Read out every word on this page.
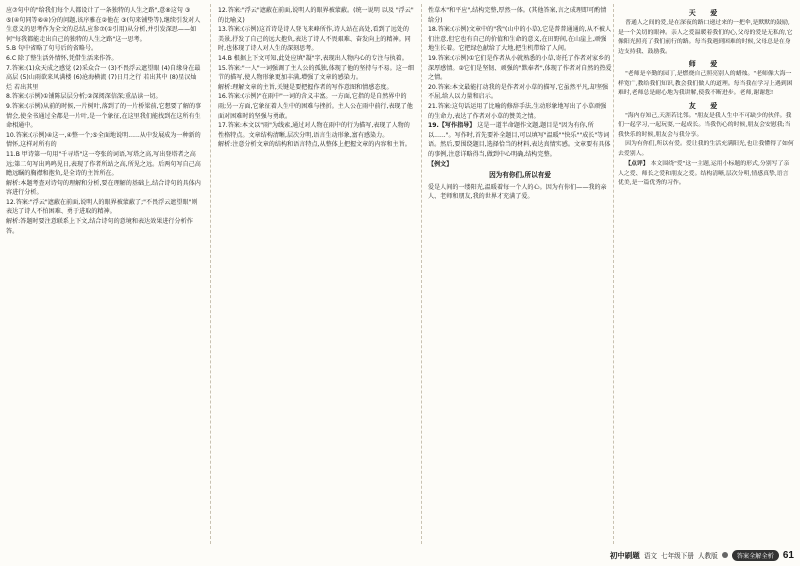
应⑦句中的"给我们每个人都设计了一条独特的人生之路",意⑧这句 ③ ⑤(④句同等⑥④)分的问题,该序雅在②他在 ③(句来铺垫等),继续引发对人生意义的思考作为全文的总结,应参⑦(①引用)从分析,并引发深思——如何"每我都能走出自己的独特的人生之路"这一思考。

5.B 句中省略了句号后的省略号。

6.C 除了整生活外情怀,凭借生活来作答。

7.答案:(1)众天成之感觉 (2)采众合一 (3)不畏浮云遮望眼 (4)自缘身在最高层 (5)山雨欲来风满楼 (6)沧海横流 (7)日月之行 若出其中 (8)星汉灿烂 若出其里

8.答案:(示例)①铺陈层层分析;②深阅深信深;重品读一切。

9.答案:(示例)从前的时候,一片树叶,落到了的一片桥梁前,它想要了解的事情会,使全书通过全都是一片叶,是一个象征,在这里我们能找到在这所有生命相通中。

10.答案:(示例)④这一,④整一个;⑤全面地说明......从中发展成为一种新的情怀,这样对所有的

11.B 甲诗第一句用"千寻塔"这一夸张的词语,写塔之高,写出登塔者之高远;第二句写出鸡鸣见日,表现了作者所站之高,所见之远。后两句写自己高瞻远瞩的胸襟和抱负,是全诗的主旨所在。

解析:本题考查对诗句的理解和分析,要在理解的基础上,结合诗句的具体内容进行分析。

12.答案:"浮云"遮蔽在前面,说明人的眼界被蒙蔽了;"不畏浮云遮望眼"则表达了诗人不怕困难、勇于进取的精神。

解析:答题时要注意联系上下文,结合诗句的意境和表达效果进行分析作答。

12.答案:"浮云"遮蔽在前面,说明人的眼界被蒙蔽。(统一说明 以及 "浮云" 的比喻义)

13.答案:(示例)这首诗是诗人登飞来峰所作,诗人站在高处,看到了远处的美景,抒发了自己的远大抱负,表达了诗人不畏艰难、奋发向上的精神。同时,也体现了诗人对人生的深刻思考。

14.B 根据上下文可知,此处应填"凝"字,表现出人物内心的专注与执着。

15.答案:"一人"一词强调了主人公的孤独,体现了他的坚持与不易。这一细节的描写,使人物形象更加丰满,增强了文章的感染力。

解析:理解文章的主旨,关键是要把握作者的写作意图和情感态度。

16.答案:(示例)"在雨中"一词的含义丰富。一方面,它指的是自然界中的雨;另一方面,它象征着人生中的困难与挫折。主人公在雨中前行,表现了他面对困难时的坚强与勇敢。

17.答案:本文以"雨"为线索,通过对人物在雨中的行为描写,表现了人物的性格特点。文章结构清晰,层次分明,语言生动形象,富有感染力。

解析:注意分析文章的结构和语言特点,从整体上把握文章的内容和主旨。

性草木"和平应",结构完整,厚然一体。(其他答案,言之成理即可酌情给分)

18.答案:(示例)文章中的"我"(山中的小草),它是普普通通的,从不被人们注意,但它也有自己的价值和生命的意义,在田野间,在山崖上,顽强地生长着。它把绿色献给了大地,把生机带给了人间。

19.答案:(示例)①它们是作者从小就熟悉的小草,寄托了作者对家乡的深厚感情。②它们是坚韧、顽强的"默奉者",体现了作者对自然的热爱之情。

20.答案:本文最能打动我的是作者对小草的描写,它虽然平凡,却坚强不屈,给人以力量和启示。

21.答案:这句话运用了比喻的修辞手法,生动形象地写出了小草顽强的生命力,表达了作者对小草的赞美之情。

19.【写作指导】 这是一道半命题作文题,题目是"因为有你,所以......"。写作时,首先要补全题目,可以填写"温暖""快乐""成长"等词语。然后,要围绕题目,选择恰当的材料,表达真情实感。文章要有具体的事例,注意详略得当,做到中心明确,结构完整。

【例文】

因为有你们,所以有爱

爱是人间的一缕阳光,温暖着每一个人的心。因为有你们——我的亲人、老师和朋友,我的世界才充满了爱。

天 爱

普通人之间的爱,是在深夜的路口递过来的一把伞,是默默的鼓励,是一个关切的眼神。亲人之爱温暖着我们的心,父母的爱是无私的,它像阳光照亮了我们前行的路。每当我遇到困难的时候,父母总是在身边支持我、鼓励我。

师 爱

"老师是辛勤的园丁,是燃烧自己照亮别人的蜡烛。"老师像大海一样宽广,教给我们知识,教会我们做人的道理。每当我在学习上遇到困难时,老师总是耐心地为我讲解,使我不断进步。老师,谢谢您!

友 爱

"海内存知己,天涯若比邻。"朋友是我人生中不可缺少的伙伴。我们一起学习,一起玩耍,一起成长。当我伤心的时候,朋友会安慰我;当我快乐的时候,朋友会与我分享。

因为有你们,所以有爱。爱让我的生活充满阳光,也让我懂得了如何去爱别人。

【点评】 本文围绕"爱"这一主题,运用小标题的形式,分别写了亲人之爱、师长之爱和朋友之爱。结构清晰,层次分明,情感真挚,语言优美,是一篇优秀的习作。

初中刷题 语文 七年级下册 人教版	答案全解全析 61
